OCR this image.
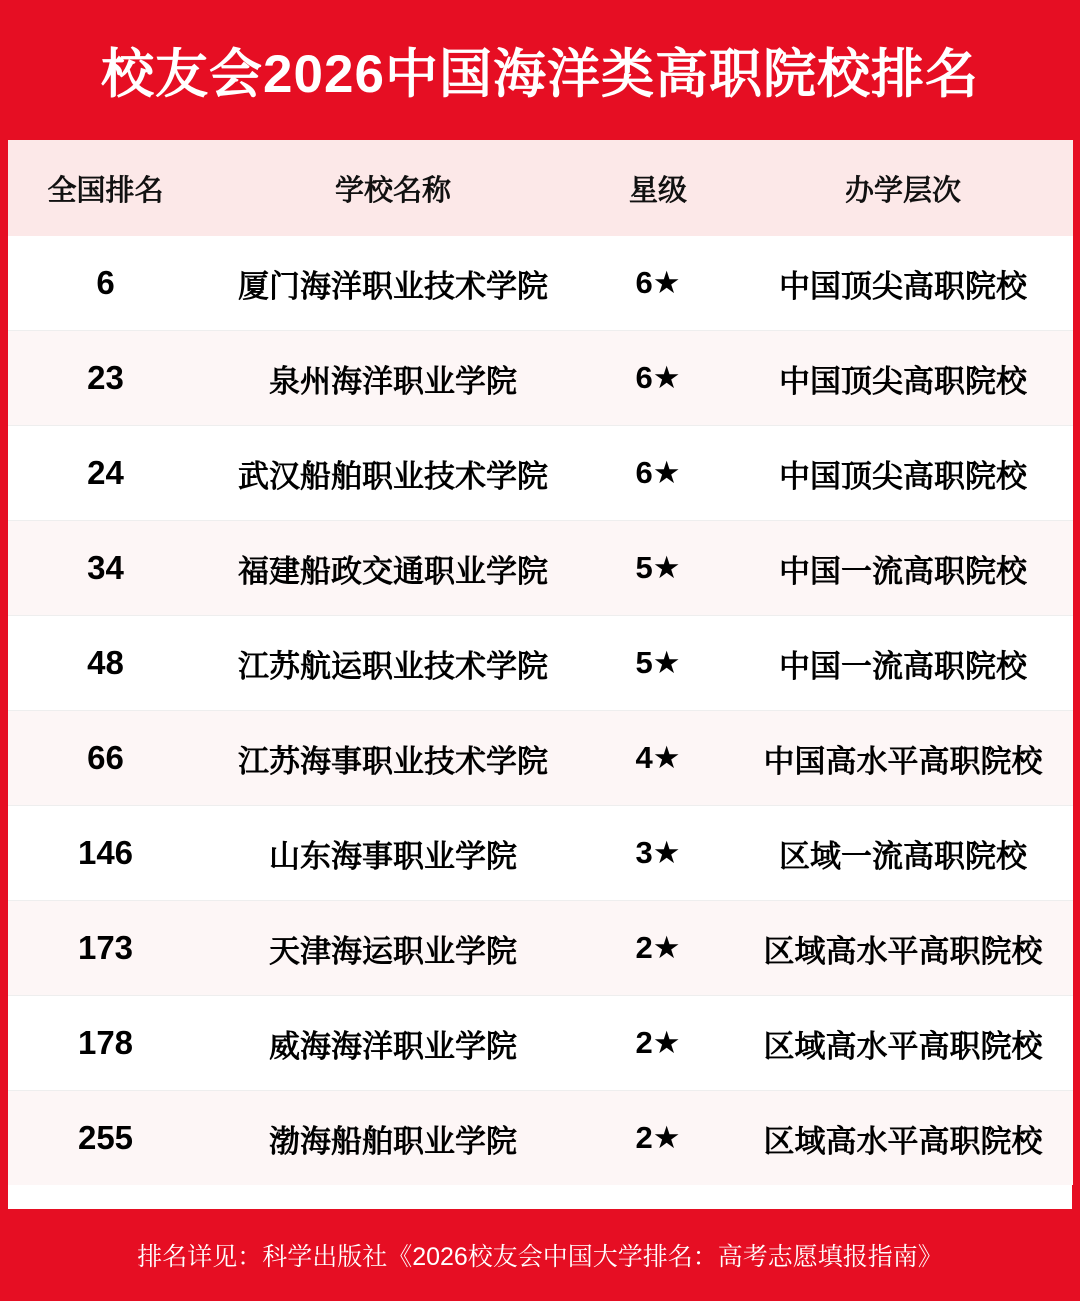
校友会2026中国海洋类高职院校排名
全国排名	学校名称	星级	办学层次
6	厦门海洋职业技术学院	6★	中国顶尖高职院校
23	泉州海洋职业学院	6★	中国顶尖高职院校
24	武汉船舶职业技术学院	6★	中国顶尖高职院校
34	福建船政交通职业学院	5★	中国一流高职院校
48	江苏航运职业技术学院	5★	中国一流高职院校
66	江苏海事职业技术学院	4★	中国高水平高职院校
146	山东海事职业学院	3★	区域一流高职院校
173	天津海运职业学院	2★	区域高水平高职院校
178	威海海洋职业学院	2★	区域高水平高职院校
255	渤海船舶职业学院	2★	区域高水平高职院校
排名详见：科学出版社《2026校友会中国大学排名：高考志愿填报指南》
